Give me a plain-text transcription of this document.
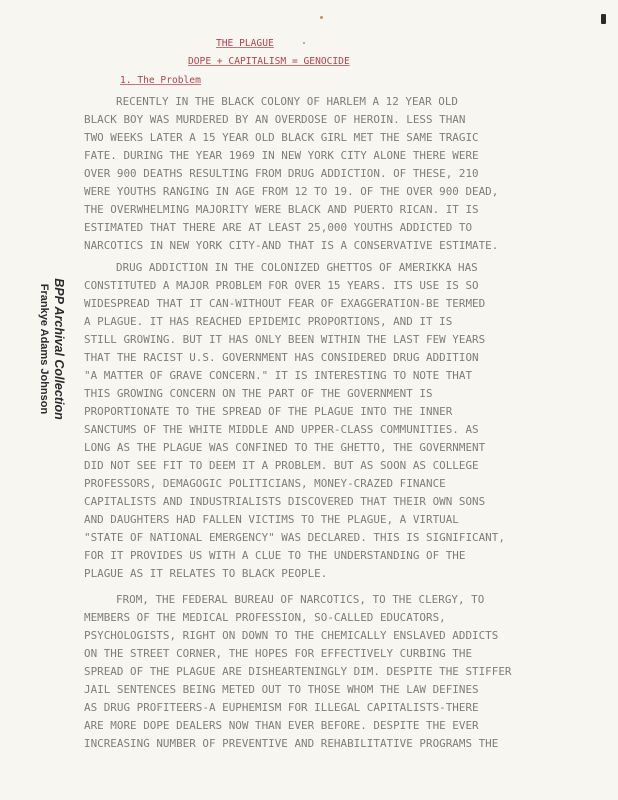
THE PLAGUE
DOPE + CAPITALISM = GENOCIDE
1. The Problem
BPP Archival Collection
Frankye Adams Johnson
RECENTLY IN THE BLACK COLONY OF HARLEM A 12 YEAR OLD
BLACK BOY WAS MURDERED BY AN OVERDOSE OF HEROIN. LESS THAN
TWO WEEKS LATER A 15 YEAR OLD BLACK GIRL MET THE SAME TRAGIC
FATE. DURING THE YEAR 1969 IN NEW YORK CITY ALONE THERE WERE
OVER 900 DEATHS RESULTING FROM DRUG ADDICTION. OF THESE, 210
WERE YOUTHS RANGING IN AGE FROM 12 TO 19. OF THE OVER 900 DEAD,
THE OVERWHELMING MAJORITY WERE BLACK AND PUERTO RICAN. IT IS
ESTIMATED THAT THERE ARE AT LEAST 25,000 YOUTHS ADDICTED TO
NARCOTICS IN NEW YORK CITY-AND THAT IS A CONSERVATIVE ESTIMATE.
DRUG ADDICTION IN THE COLONIZED GHETTOS OF AMERIKKA HAS
CONSTITUTED A MAJOR PROBLEM FOR OVER 15 YEARS. ITS USE IS SO
WIDESPREAD THAT IT CAN-WITHOUT FEAR OF EXAGGERATION-BE TERMED
A PLAGUE. IT HAS REACHED EPIDEMIC PROPORTIONS, AND IT IS
STILL GROWING. BUT IT HAS ONLY BEEN WITHIN THE LAST FEW YEARS
THAT THE RACIST U.S. GOVERNMENT HAS CONSIDERED DRUG ADDITION
"A MATTER OF GRAVE CONCERN." IT IS INTERESTING TO NOTE THAT
THIS GROWING CONCERN ON THE PART OF THE GOVERNMENT IS
PROPORTIONATE TO THE SPREAD OF THE PLAGUE INTO THE INNER
SANCTUMS OF THE WHITE MIDDLE AND UPPER-CLASS COMMUNITIES. AS
LONG AS THE PLAGUE WAS CONFINED TO THE GHETTO, THE GOVERNMENT
DID NOT SEE FIT TO DEEM IT A PROBLEM. BUT AS SOON AS COLLEGE
PROFESSORS, DEMAGOGIC POLITICIANS, MONEY-CRAZED FINANCE
CAPITALISTS AND INDUSTRIALISTS DISCOVERED THAT THEIR OWN SONS
AND DAUGHTERS HAD FALLEN VICTIMS TO THE PLAGUE, A VIRTUAL
"STATE OF NATIONAL EMERGENCY" WAS DECLARED. THIS IS SIGNIFICANT,
FOR IT PROVIDES US WITH A CLUE TO THE UNDERSTANDING OF THE
PLAGUE AS IT RELATES TO BLACK PEOPLE.
FROM, THE FEDERAL BUREAU OF NARCOTICS, TO THE CLERGY, TO
MEMBERS OF THE MEDICAL PROFESSION, SO-CALLED EDUCATORS,
PSYCHOLOGISTS, RIGHT ON DOWN TO THE CHEMICALLY ENSLAVED ADDICTS
ON THE STREET CORNER, THE HOPES FOR EFFECTIVELY CURBING THE
SPREAD OF THE PLAGUE ARE DISHEARTENINGLY DIM. DESPITE THE STIFFER
JAIL SENTENCES BEING METED OUT TO THOSE WHOM THE LAW DEFINES
AS DRUG PROFITEERS-A EUPHEMISM FOR ILLEGAL CAPITALISTS-THERE
ARE MORE DOPE DEALERS NOW THAN EVER BEFORE. DESPITE THE EVER
INCREASING NUMBER OF PREVENTIVE AND REHABILITATIVE PROGRAMS THE
